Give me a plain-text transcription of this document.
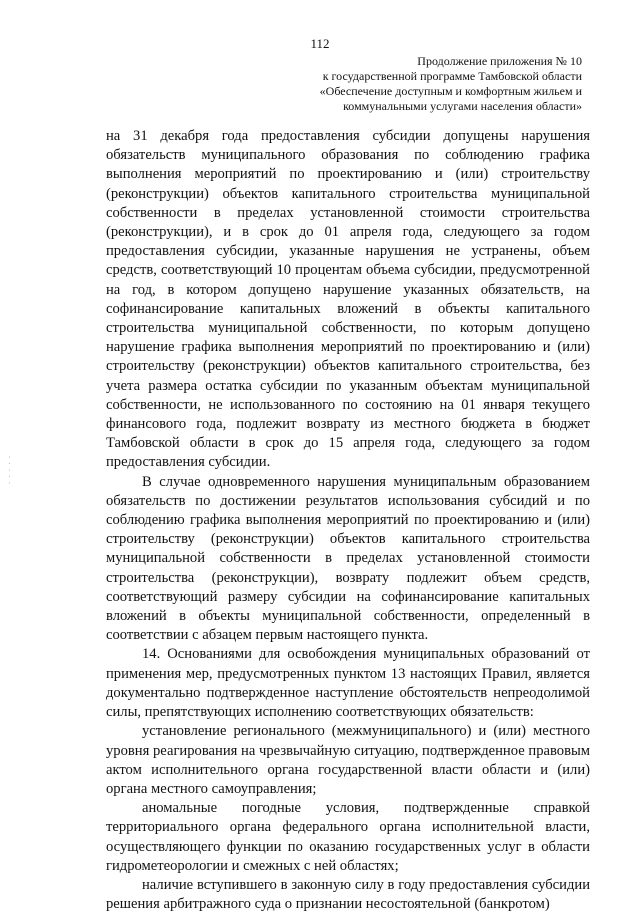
112
Продолжение приложения № 10
к государственной программе Тамбовской области
«Обеспечение доступным и комфортным жильем и
коммунальными услугами населения области»
· · · · ·

на 31 декабря года предоставления субсидии допущены нарушения обязательств муниципального образования по соблюдению графика выполнения мероприятий по проектированию и (или) строительству (реконструкции) объектов капитального строительства муниципальной собственности в пределах установленной стоимости строительства (реконструкции), и в срок до 01 апреля года, следующего за годом предоставления субсидии, указанные нарушения не устранены, объем средств, соответствующий 10 процентам объема субсидии, предусмотренной на год, в котором допущено нарушение указанных обязательств, на софинансирование капитальных вложений в объекты капитального строительства муниципальной собственности, по которым допущено нарушение графика выполнения мероприятий по проектированию и (или) строительству (реконструкции) объектов капитального строительства, без учета размера остатка субсидии по указанным объектам муниципальной собственности, не использованного по состоянию на 01 января текущего финансового года, подлежит возврату из местного бюджета в бюджет Тамбовской области в срок до 15 апреля года, следующего за годом предоставления субсидии.

В случае одновременного нарушения муниципальным образованием обязательств по достижении результатов использования субсидий и по соблюдению графика выполнения мероприятий по проектированию и (или) строительству (реконструкции) объектов капитального строительства муниципальной собственности в пределах установленной стоимости строительства (реконструкции), возврату подлежит объем средств, соответствующий размеру субсидии на софинансирование капитальных вложений в объекты муниципальной собственности, определенный в соответствии с абзацем первым настоящего пункта.

14. Основаниями для освобождения муниципальных образований от применения мер, предусмотренных пунктом 13 настоящих Правил, является документально подтвержденное наступление обстоятельств непреодолимой силы, препятствующих исполнению соответствующих обязательств:

установление регионального (межмуниципального) и (или) местного уровня реагирования на чрезвычайную ситуацию, подтвержденное правовым актом исполнительного органа государственной власти области и (или) органа местного самоуправления;

аномальные погодные условия, подтвержденные справкой территориального органа федерального органа исполнительной власти, осуществляющего функции по оказанию государственных услуг в области гидрометеорологии и смежных с ней областях;

наличие вступившего в законную силу в году предоставления субсидии решения арбитражного суда о признании несостоятельной (банкротом)
